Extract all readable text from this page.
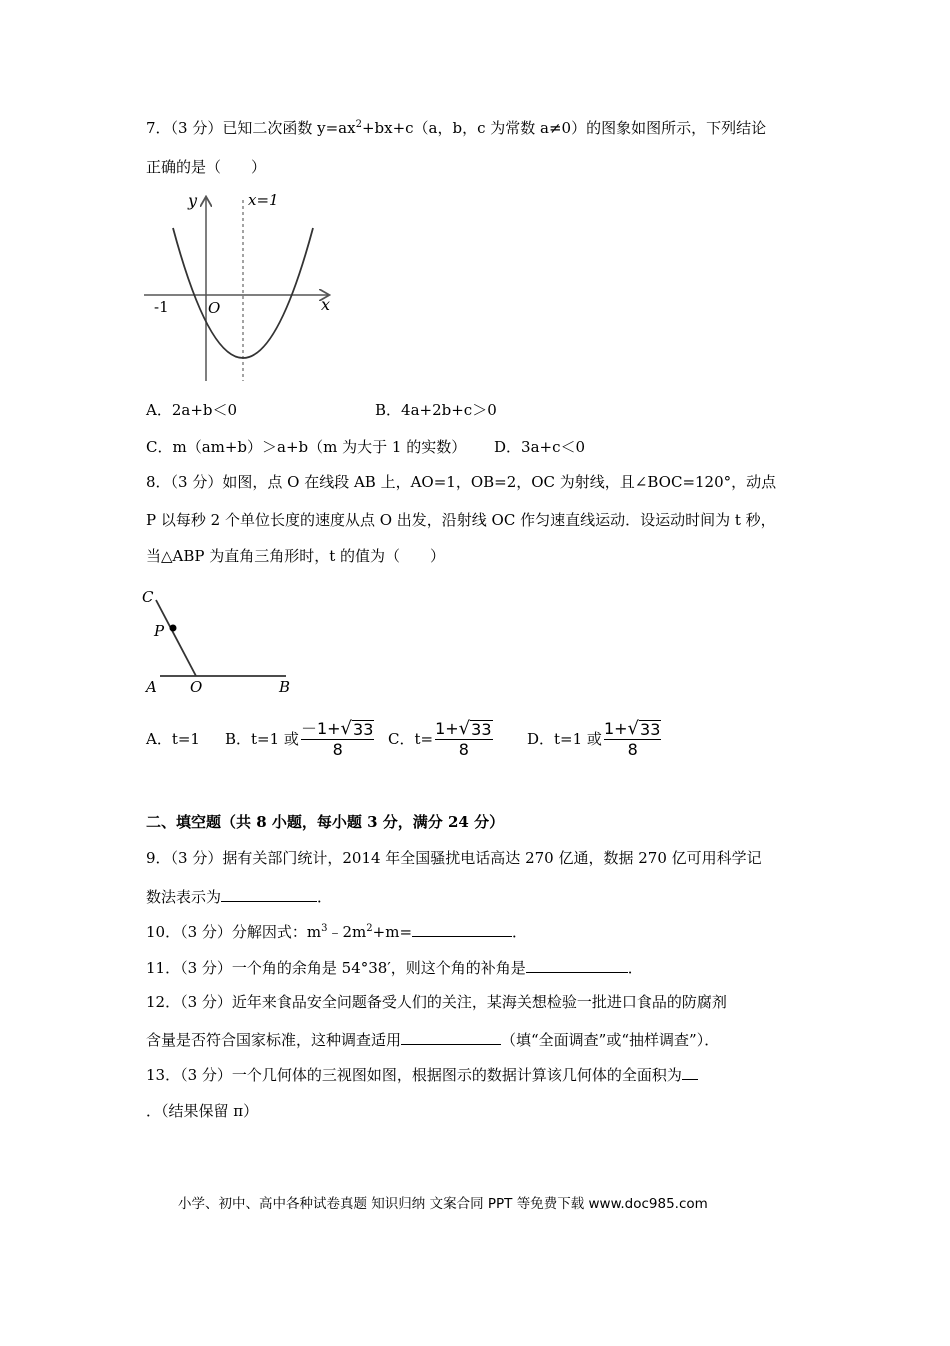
7．（3 分）已知二次函数 $y=ax^2+bx+c(a$，b，c 为常数 a≠0）的图象如图所示，下列结论
正确的是（　　）
y	x=1
O
-1	x
A．2a+b＜0	B．4a+2b+c＞0
C．m（am+b）＞a+b（m 为大于 1 的实数） D．3a+c＜0
8．（3 分）如图，点 O 在线段 AB 上，AO=1，OB=2，OC 为射线，且∠BOC=120°，动点
P 以每秒 2 个单位长度的速度从点 O 出发，沿射线 OC 作匀速直线运动．设运动时间为 t 秒，
当△ABP 为直角三角形时，t 的值为（　　）
C
P
A O	B
A．t=1 B．t=1 或 $\frac{-1+ √ 33}{8}$ C．$t= \frac{1+ √ 33}{8}$ D．t=1 或 $\frac{1+ √ 33}{8}$
二、填空题（共 8 小题，每小题 3 分，满分 24 分）
9．（3 分）据有关部门统计，2014 年全国骚扰电话高达 270 亿通，数据 270 亿可用科学记
数法表示为	．
10．（3 分）分解因式：$m^3﹣2m^2+m=$	．
11．（3 分）一个角的余角是 54°38′，则这个角的补角是	．
12．（3 分）近年来食品安全问题备受人们的关注，某海关想检验一批进口食品的防腐剂
含量是否符合国家标准，这种调查适用	（填“全面调查”或“抽样调查”）．
13．（3 分）一个几何体的三视图如图，根据图示的数据计算该几何体的全面积为
．（结果保留 π）
小学、初中、高中各种试卷真题 知识归纳 文案合同 PPT 等免费下载 www.doc985.com
